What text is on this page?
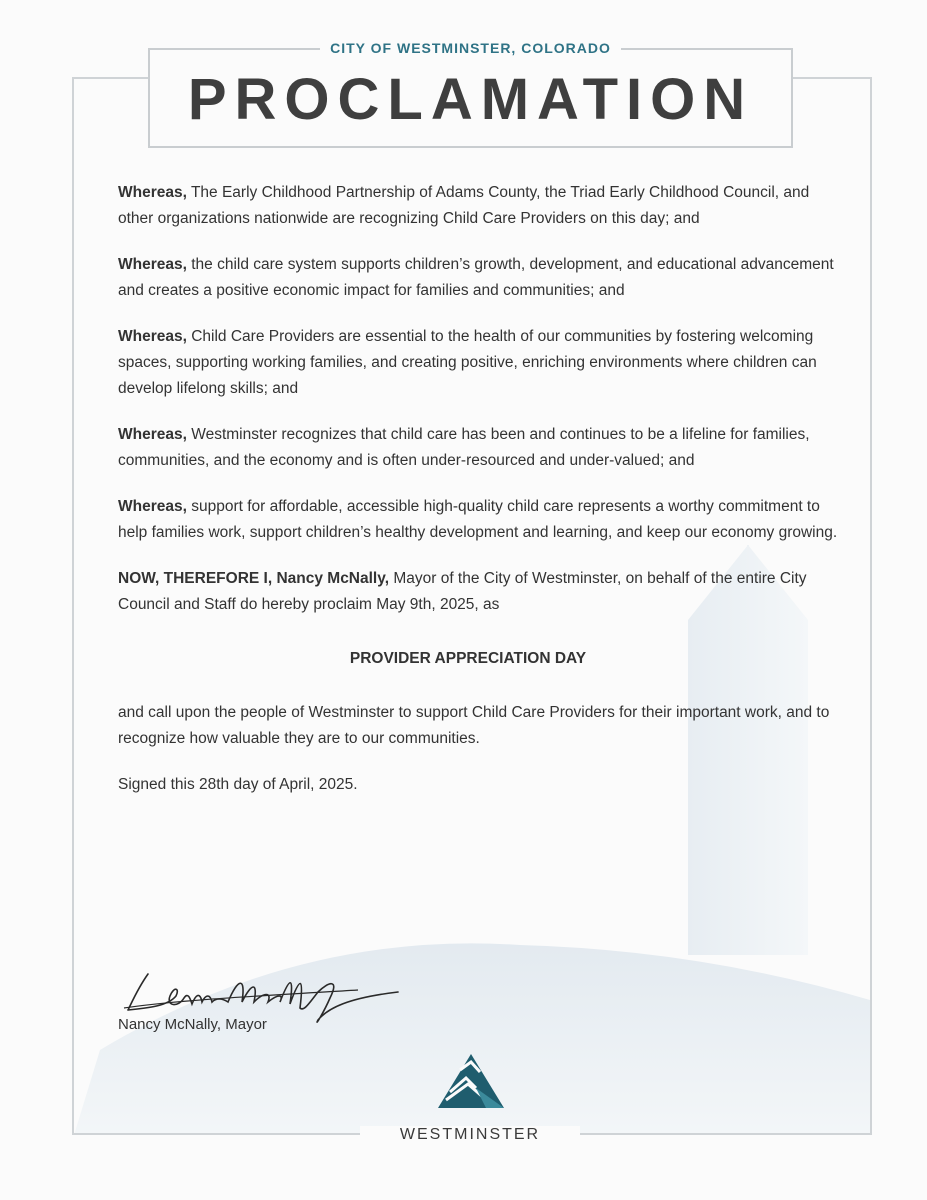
CITY OF WESTMINSTER, COLORADO
PROCLAMATION

Whereas, The Early Childhood Partnership of Adams County, the Triad Early Childhood Council, and other organizations nationwide are recognizing Child Care Providers on this day; and

Whereas, the child care system supports children’s growth, development, and educational advancement and creates a positive economic impact for families and communities; and

Whereas, Child Care Providers are essential to the health of our communities by fostering welcoming spaces, supporting working families, and creating positive, enriching environments where children can develop lifelong skills; and

Whereas, Westminster recognizes that child care has been and continues to be a lifeline for families, communities, and the economy and is often under-resourced and under-valued; and

Whereas, support for affordable, accessible high-quality child care represents a worthy commitment to help families work, support children’s healthy development and learning, and keep our economy growing.

NOW, THEREFORE I, Nancy McNally, Mayor of the City of Westminster, on behalf of the entire City Council and Staff do hereby proclaim May 9th, 2025, as

PROVIDER APPRECIATION DAY

and call upon the people of Westminster to support Child Care Providers for their important work, and to recognize how valuable they are to our communities.

Signed this 28th day of April, 2025.

Nancy McNally, Mayor
WESTMINSTER
